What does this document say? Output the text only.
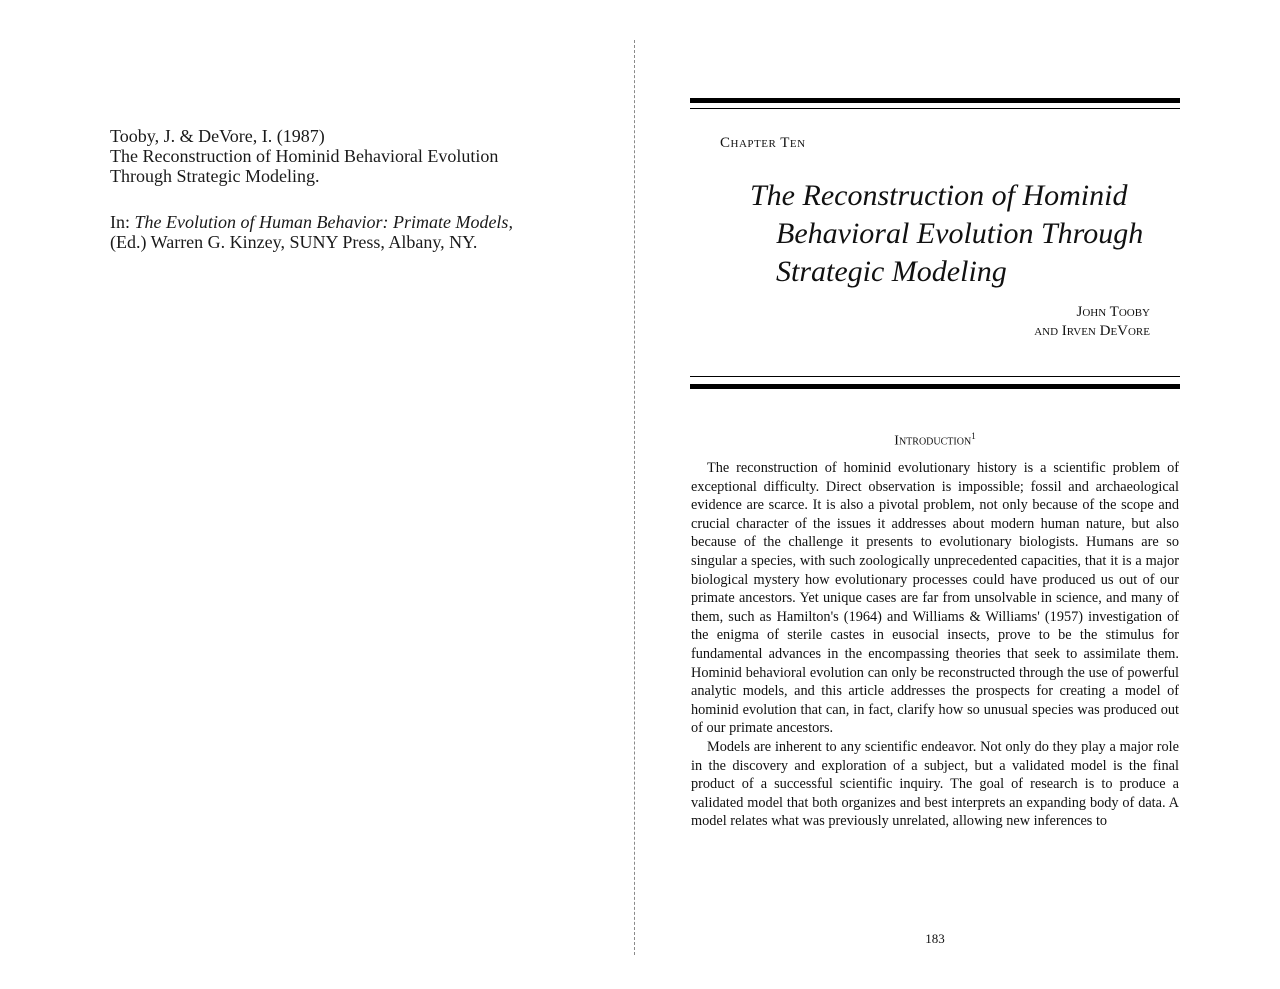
Tooby, J. & DeVore, I. (1987)

The Reconstruction of Hominid Behavioral Evolution

Through Strategic Modeling.

In: The Evolution of Human Behavior: Primate Models,

(Ed.) Warren G. Kinzey, SUNY Press, Albany, NY.

Chapter Ten
The Reconstruction of Hominid
Behavioral Evolution Through
Strategic Modeling
John Tooby
and Irven DeVore
Introduction$^1$

The reconstruction of hominid evolutionary history is a scientific problem of exceptional difficulty. Direct observation is impossible; fossil and archaeological evidence are scarce. It is also a pivotal problem, not only because of the scope and crucial character of the issues it addresses about modern human nature, but also because of the challenge it presents to evolutionary biologists. Humans are so singular a species, with such zoologically unprecedented capacities, that it is a major biological mystery how evolutionary processes could have produced us out of our primate ancestors. Yet unique cases are far from unsolvable in science, and many of them, such as Hamilton's (1964) and Williams & Williams' (1957) investigation of the enigma of sterile castes in eusocial insects, prove to be the stimulus for fundamental advances in the encompassing theories that seek to assimilate them. Hominid behavioral evolution can only be reconstructed through the use of powerful analytic models, and this article addresses the prospects for creating a model of hominid evolution that can, in fact, clarify how so unusual species was produced out of our primate ancestors.

Models are inherent to any scientific endeavor. Not only do they play a major role in the discovery and exploration of a subject, but a validated model is the final product of a successful scientific inquiry. The goal of research is to produce a validated model that both organizes and best interprets an expanding body of data. A model relates what was previously unrelated, allowing new inferences to

183
